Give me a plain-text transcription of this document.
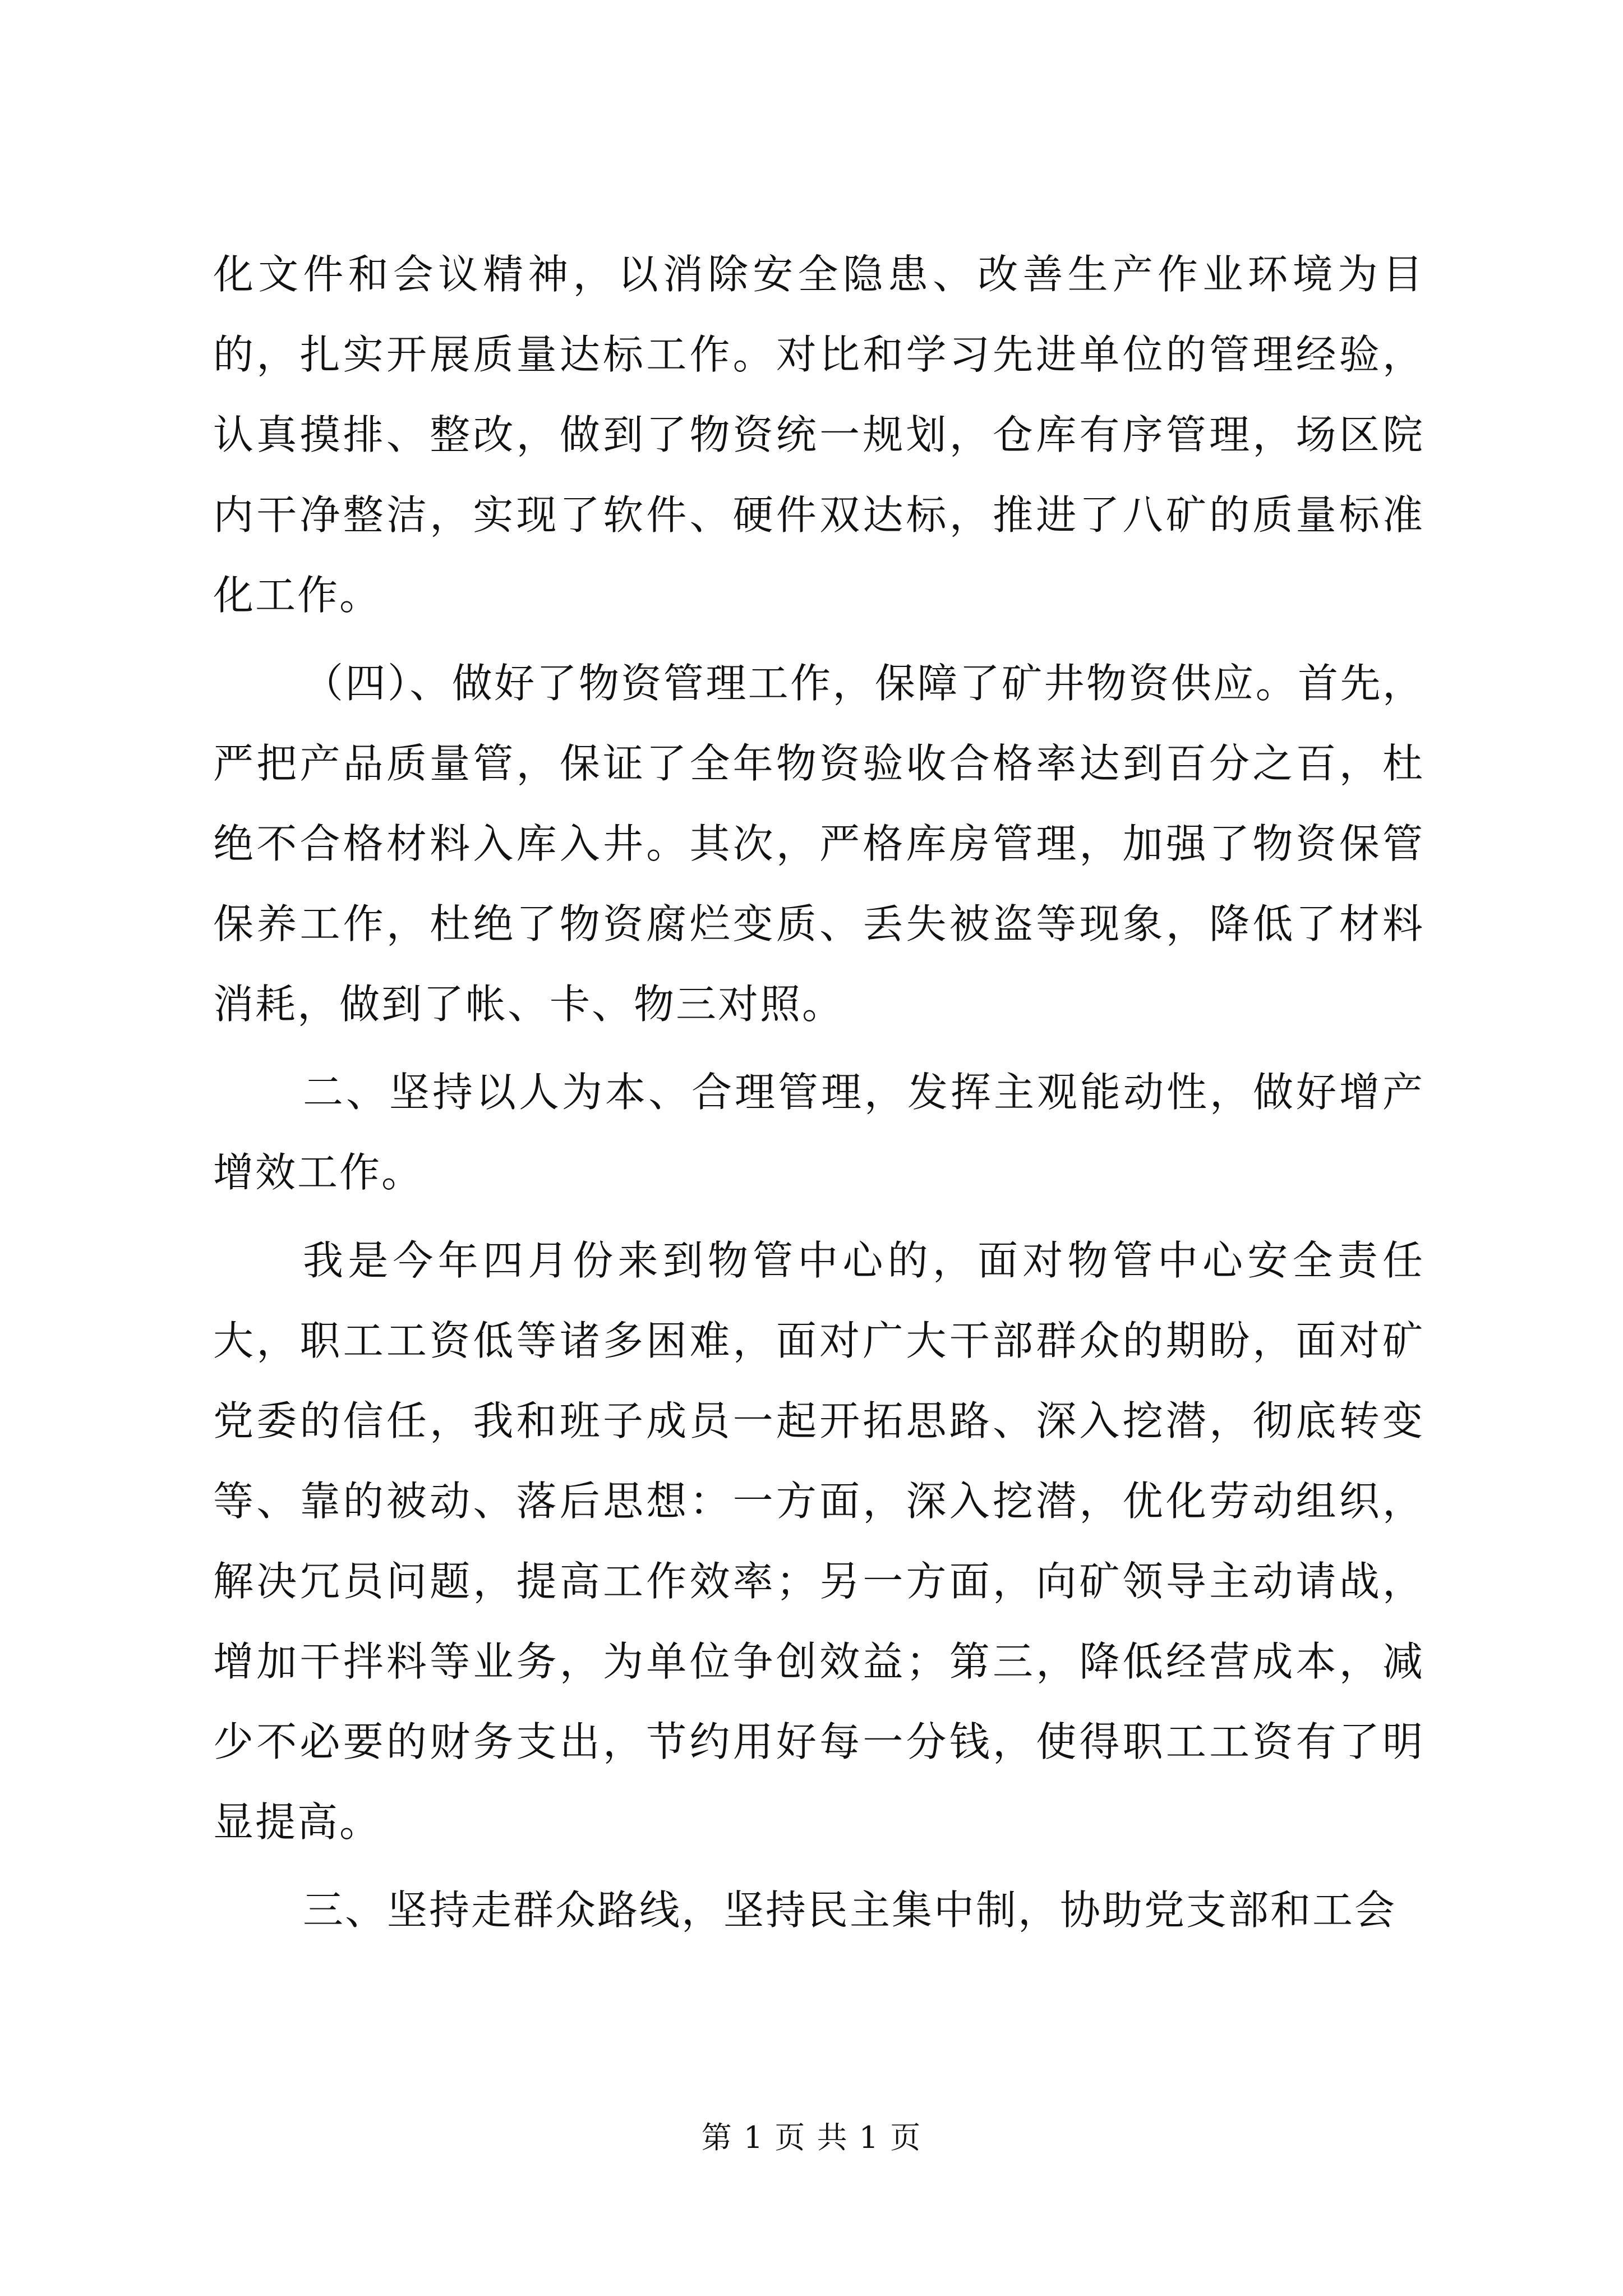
化文件和会议精神，以消除安全隐患、改善生产作业环境为目的，扎实开展质量达标工作。对比和学习先进单位的管理经验，认真摸排、整改，做到了物资统一规划，仓库有序管理，场区院内干净整洁，实现了软件、硬件双达标，推进了八矿的质量标准化工作。

（四）、做好了物资管理工作，保障了矿井物资供应。首先，严把产品质量管，保证了全年物资验收合格率达到百分之百，杜绝不合格材料入库入井。其次，严格库房管理，加强了物资保管保养工作，杜绝了物资腐烂变质、丢失被盗等现象，降低了材料消耗，做到了帐、卡、物三对照。

二、坚持以人为本、合理管理，发挥主观能动性，做好增产增效工作。

我是今年四月份来到物管中心的，面对物管中心安全责任大，职工工资低等诸多困难，面对广大干部群众的期盼，面对矿党委的信任，我和班子成员一起开拓思路、深入挖潜，彻底转变等、靠的被动、落后思想：一方面，深入挖潜，优化劳动组织，解决冗员问题，提高工作效率；另一方面，向矿领导主动请战，增加干拌料等业务，为单位争创效益；第三，降低经营成本，减少不必要的财务支出，节约用好每一分钱，使得职工工资有了明显提高。

三、坚持走群众路线，坚持民主集中制，协助党支部和工会

第 1 页 共 1 页
